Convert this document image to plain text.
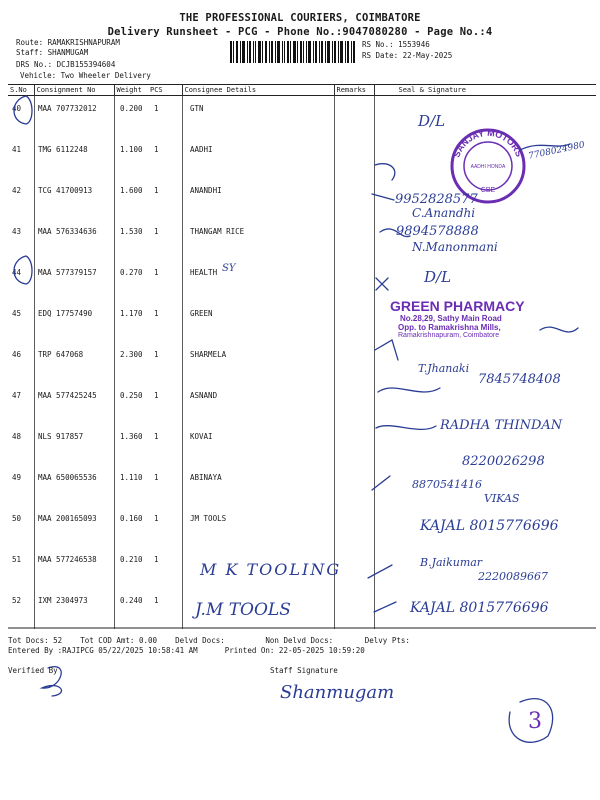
THE PROFESSIONAL COURIERS, COIMBATORE
Delivery Runsheet - PCG - Phone No.:9047080280 - Page No.:4
Route: RAMAKRISHNAPURAM
Staff: SHANMUGAM
DRS No.: DCJB155394604
Vehicle: Two Wheeler Delivery
RS No.: 1553946
RS Date: 22-May-2025
S.No	Consignment No	Weight	PCS	Consignee Details	Remarks	Seal & Signature
40	MAA 707732012	0.200	1	GTN		
41	TMG 6112248	1.100	1	AADHI		
42	TCG 41700913	1.600	1	ANANDHI		
43	MAA 576334636	1.530	1	THANGAM RICE		
44	MAA 577379157	0.270	1	HEALTH		
45	EDQ 17757490	1.170	1	GREEN		
46	TRP 647068	2.300	1	SHARMELA		
47	MAA 577425245	0.250	1	ASNAND		
48	NLS 917857	1.360	1	KOVAI		
49	MAA 650065536	1.110	1	ABINAYA		
50	MAA 200165093	0.160	1	JM TOOLS		
51	MAA 577246538	0.210	1			
52	IXM 2304973	0.240	1			
SANJAY MOTORS
AADHI HONDA
CBE
GREEN PHARMACY
No.28,29, Sathy Main Road
Opp. to Ramakrishna Mills,
Ramakrishnapuram, Coimbatore
SY
M K TOOLING
J.M TOOLS
D/L
7708024980
9952828577
C.Anandhi
9894578888
N.Manonmani
D/L
T.Jhanaki
7845748408
RADHA THINDAN
8220026298
8870541416
VIKAS
KAJAL 8015776696
B.Jaikumar
2220089667
KAJAL 8015776696
3
Tot Docs: 52 Tot COD Amt: 0.00 Delvd Docs:	Non Delvd Docs:	Delvy Pts:
Entered By :RAJIPCG 05/22/2025 10:58:41 AM	Printed On: 22-05-2025 10:59:20
Verified By	Staff Signature
Shanmugam
